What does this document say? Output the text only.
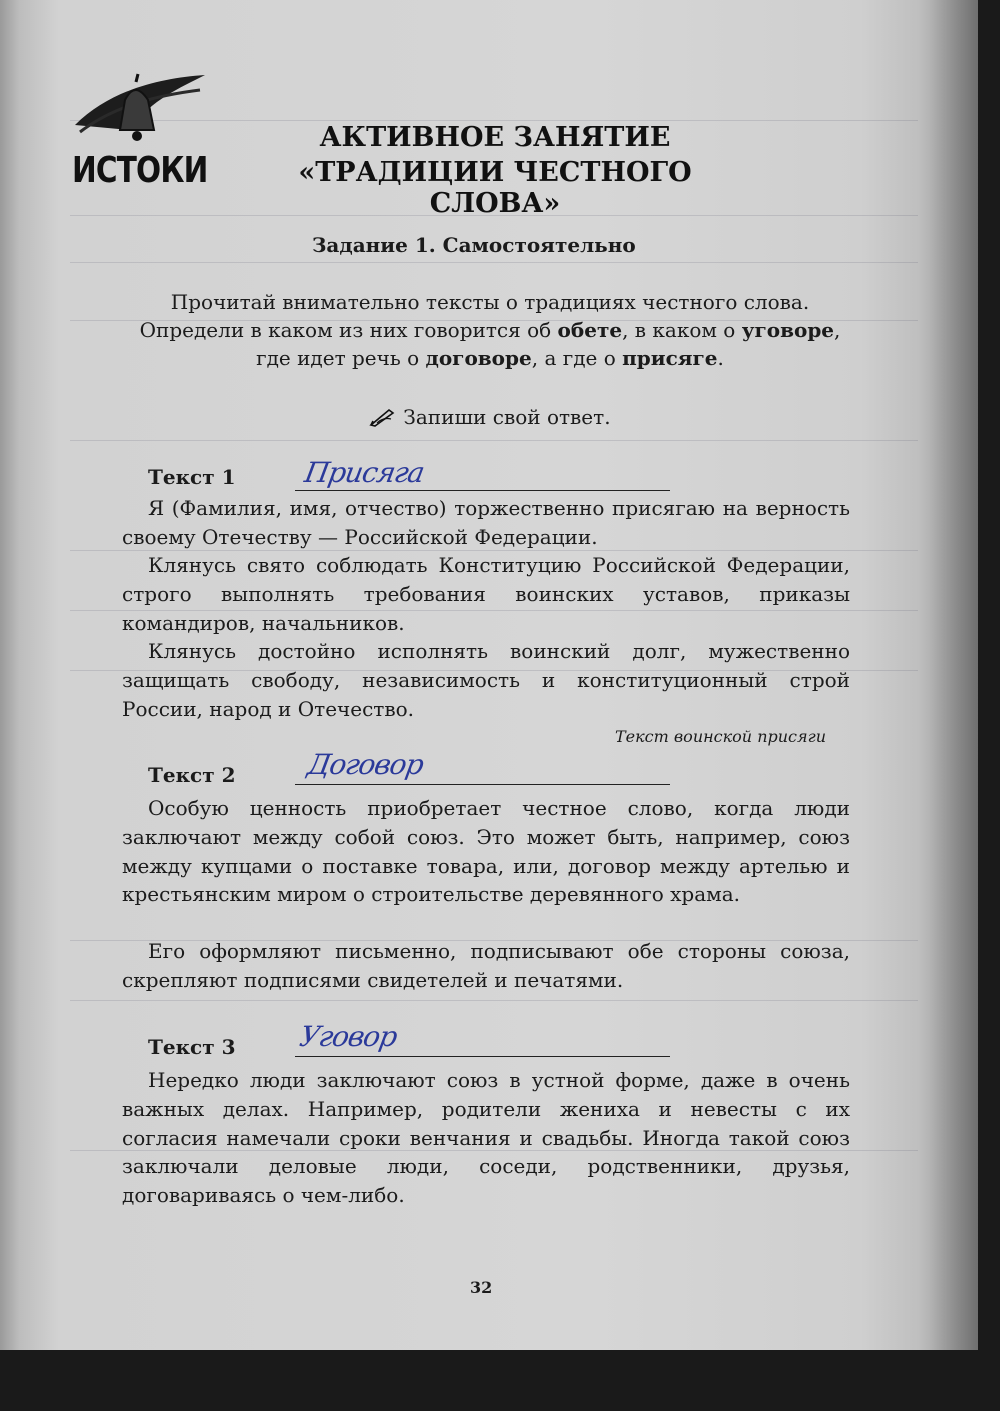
ИСТОКИ
АКТИВНОЕ ЗАНЯТИЕ
«ТРАДИЦИИ ЧЕСТНОГО СЛОВА»
Задание 1. Самостоятельно
Прочитай внимательно тексты о традициях честного слова. Определи в каком из них говорится об обете, в каком о уговоре, где идет речь о договоре, а где о присяге.
Запиши свой ответ.
Текст 1 Присяга

Я (Фамилия, имя, отчество) торжественно присягаю на верность своему Отечеству — Российской Федерации.

Клянусь свято соблюдать Конституцию Российской Федерации, строго выполнять требования воинских уставов, приказы командиров, начальников.

Клянусь достойно исполнять воинский долг, мужественно защищать свободу, независимость и конституционный строй России, народ и Отечество.

Текст воинской присяги
Текст 2 Договор

Особую ценность приобретает честное слово, когда люди заключают между собой союз. Это может быть, например, союз между купцами о поставке товара, или, договор между артелью и крестьянским миром о строительстве деревянного храма.

Его оформляют письменно, подписывают обе стороны союза, скрепляют подписями свидетелей и печатями.

Текст 3 Уговор

Нередко люди заключают союз в устной форме, даже в очень важных делах. Например, родители жениха и невесты с их согласия намечали сроки венчания и свадьбы. Иногда такой союз заключали деловые люди, соседи, родственники, друзья, договариваясь о чем-либо.

32
